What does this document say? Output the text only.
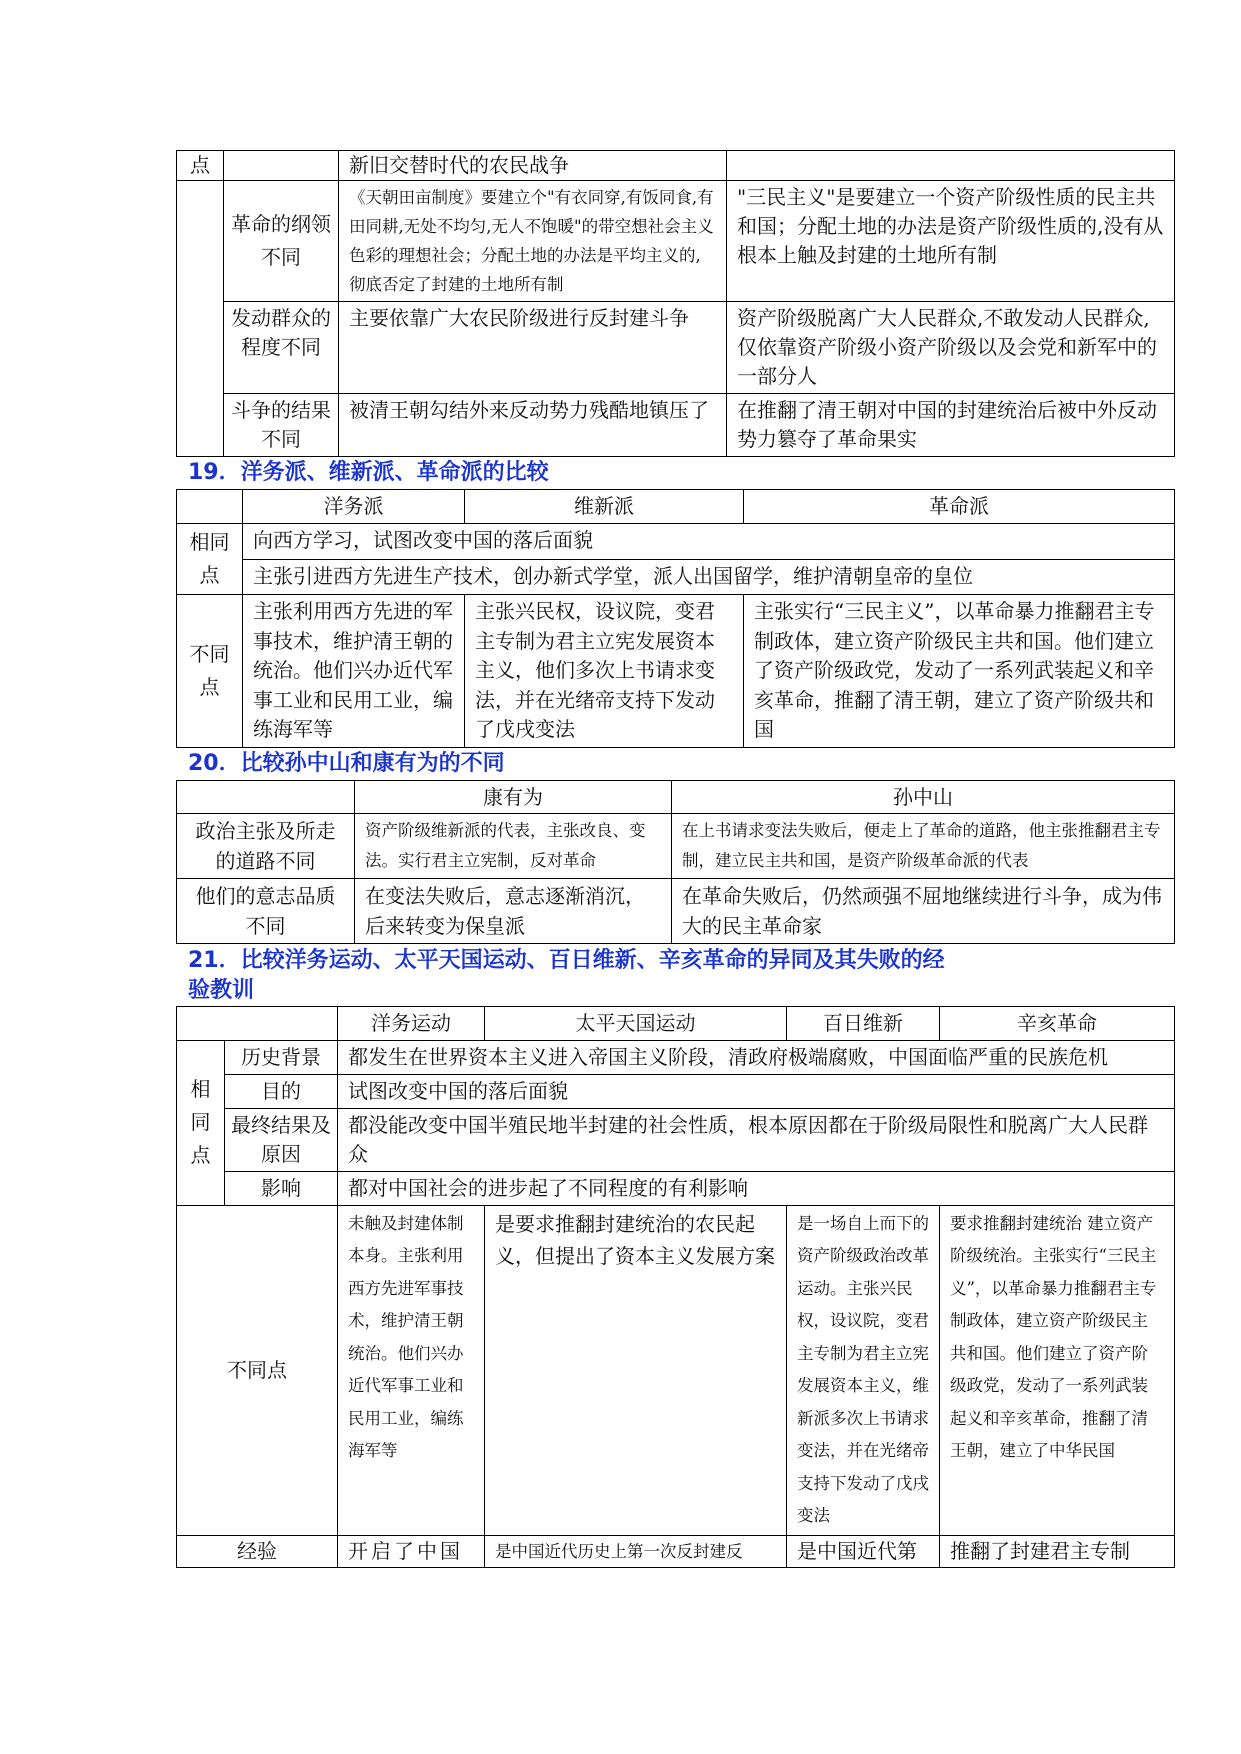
点		新旧交替时代的农民战争	
	革命的纲领不同	《天朝田亩制度》要建立个"有衣同穿,有饭同食,有田同耕,无处不均匀,无人不饱暖"的带空想社会主义色彩的理想社会；分配土地的办法是平均主义的,彻底否定了封建的土地所有制	"三民主义"是要建立一个资产阶级性质的民主共和国；分配土地的办法是资产阶级性质的,没有从根本上触及封建的土地所有制
	发动群众的程度不同	主要依靠广大农民阶级进行反封建斗争	资产阶级脱离广大人民群众,不敢发动人民群众,仅依靠资产阶级小资产阶级以及会党和新军中的一部分人
	斗争的结果不同	被清王朝勾结外来反动势力残酷地镇压了	在推翻了清王朝对中国的封建统治后被中外反动势力篡夺了革命果实

19．洋务派、维新派、革命派的比较

	洋务派	维新派	革命派
相同点	向西方学习，试图改变中国的落后面貌		
	主张引进西方先进生产技术，创办新式学堂，派人出国留学，维护清朝皇帝的皇位		
不同点	主张利用西方先进的军事技术，维护清王朝的统治。他们兴办近代军事工业和民用工业，编练海军等	主张兴民权，设议院，变君主专制为君主立宪发展资本主义，他们多次上书请求变法，并在光绪帝支持下发动了戊戌变法	主张实行“三民主义”，以革命暴力推翻君主专制政体，建立资产阶级民主共和国。他们建立了资产阶级政党，发动了一系列武装起义和辛亥革命，推翻了清王朝，建立了资产阶级共和国

20．比较孙中山和康有为的不同

	康有为	孙中山
政治主张及所走的道路不同	资产阶级维新派的代表，主张改良、变法。实行君主立宪制，反对革命	在上书请求变法失败后，便走上了革命的道路，他主张推翻君主专制，建立民主共和国，是资产阶级革命派的代表
他们的意志品质不同	在变法失败后，意志逐渐消沉，后来转变为保皇派	在革命失败后，仍然顽强不屈地继续进行斗争，成为伟大的民主革命家

21．比较洋务运动、太平天国运动、百日维新、辛亥革命的异同及其失败的经
验教训

		洋务运动	太平天国运动	百日维新	辛亥革命
相同点	历史背景	都发生在世界资本主义进入帝国主义阶段，清政府极端腐败，中国面临严重的民族危机			
	目的	试图改变中国的落后面貌			
	最终结果及原因	都没能改变中国半殖民地半封建的社会性质，根本原因都在于阶级局限性和脱离广大人民群众			
	影响	都对中国社会的进步起了不同程度的有利影响			
不同点		未触及封建体制本身。主张利用西方先进军事技术，维护清王朝统治。他们兴办近代军事工业和民用工业，编练海军等	是要求推翻封建统治的农民起义，但提出了资本主义发展方案	是一场自上而下的资产阶级政治改革运动。主张兴民权，设议院，变君主专制为君主立宪发展资本主义，维新派多次上书请求变法，并在光绪帝支持下发动了戊戌变法	要求推翻封建统治 建立资产阶级统治。主张实行“三民主义”，以革命暴力推翻君主专制政体，建立资产阶级民主共和国。他们建立了资产阶级政党，发动了一系列武装起义和辛亥革命，推翻了清王朝，建立了中华民国
经验		开启了中国	是中国近代历史上第一次反封建反	是中国近代第	推翻了封建君主专制
